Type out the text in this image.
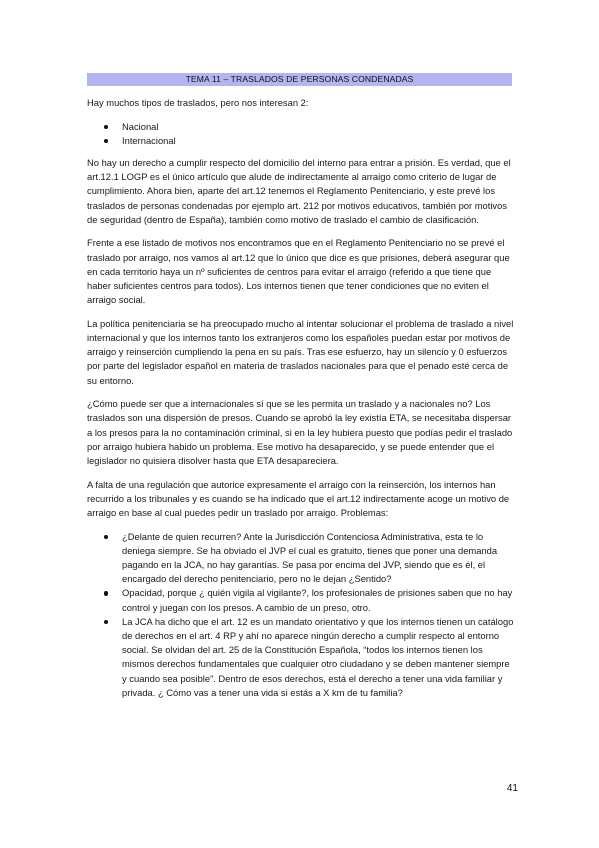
TEMA 11 – TRASLADOS DE PERSONAS CONDENADAS

Hay muchos tipos de traslados, pero nos interesan 2:

Nacional
Internacional

No hay un derecho a cumplir respecto del domicilio del interno para entrar a prisión. Es verdad, que el art.12.1 LOGP es el único artículo que alude de indirectamente al arraigo como criterio de lugar de cumplimiento. Ahora bien, aparte del art.12 tenemos el Reglamento Penitenciario, y este prevé los traslados de personas condenadas por ejemplo art. 212 por motivos educativos, también por motivos de seguridad (dentro de España), también como motivo de traslado el cambio de clasificación.

Frente a ese listado de motivos nos encontramos que en el Reglamento Penitenciario no se prevé el traslado por arraigo, nos vamos al art.12 que lo único que dice es que prisiones, deberá asegurar que en cada territorio haya un nº suficientes de centros para evitar el arraigo (referido a que tiene que haber suficientes centros para todos). Los internos tienen que tener condiciones que no eviten el arraigo social.

La política penitenciaria se ha preocupado mucho al intentar solucionar el problema de traslado a nivel internacional y que los internos tanto los extranjeros como los españoles puedan estar por motivos de arraigo y reinserción cumpliendo la pena en su país. Tras ese esfuerzo, hay un silencio y 0 esfuerzos por parte del legislador español en materia de traslados nacionales para que el penado esté cerca de su entorno.

¿Cómo puede ser que a internacionales sí que se les permita un traslado y a nacionales no? Los traslados son una dispersión de presos. Cuando se aprobó la ley existía ETA, se necesitaba dispersar a los presos para la no contaminación criminal, si en la ley hubiera puesto que podías pedir el traslado por arraigo hubiera habido un problema. Ese motivo ha desaparecido, y se puede entender que el legislador no quisiera disolver hasta que ETA desapareciera.

A falta de una regulación que autorice expresamente el arraigo con la reinserción, los internos han recurrido a los tribunales y es cuando se ha indicado que el art.12 indirectamente acoge un motivo de arraigo en base al cual puedes pedir un traslado por arraigo. Problemas:

¿Delante de quien recurren? Ante la Jurisdicción Contenciosa Administrativa, esta te lo deniega siempre. Se ha obviado el JVP el cual es gratuito, tienes que poner una demanda pagando en la JCA, no hay garantías. Se pasa por encima del JVP, siendo que es él, el encargado del derecho penitenciario, pero no le dejan ¿Sentido?
Opacidad, porque ¿ quién vigila al vigilante?, los profesionales de prisiones saben que no hay control y juegan con los presos. A cambio de un preso, otro.
La JCA ha dicho que el art. 12 es un mandato orientativo y que los internos tienen un catálogo de derechos en el art. 4 RP y ahí no aparece ningún derecho a cumplir respecto al entorno social. Se olvidan del art. 25 de la Constitución Española, “todos los internos tienen los mismos derechos fundamentales que cualquier otro ciudadano y se deben mantener siempre y cuando sea posible”. Dentro de esos derechos, está el derecho a tener una vida familiar y privada. ¿ Cómo vas a tener una vida si estás a X km de tu familia?
41
